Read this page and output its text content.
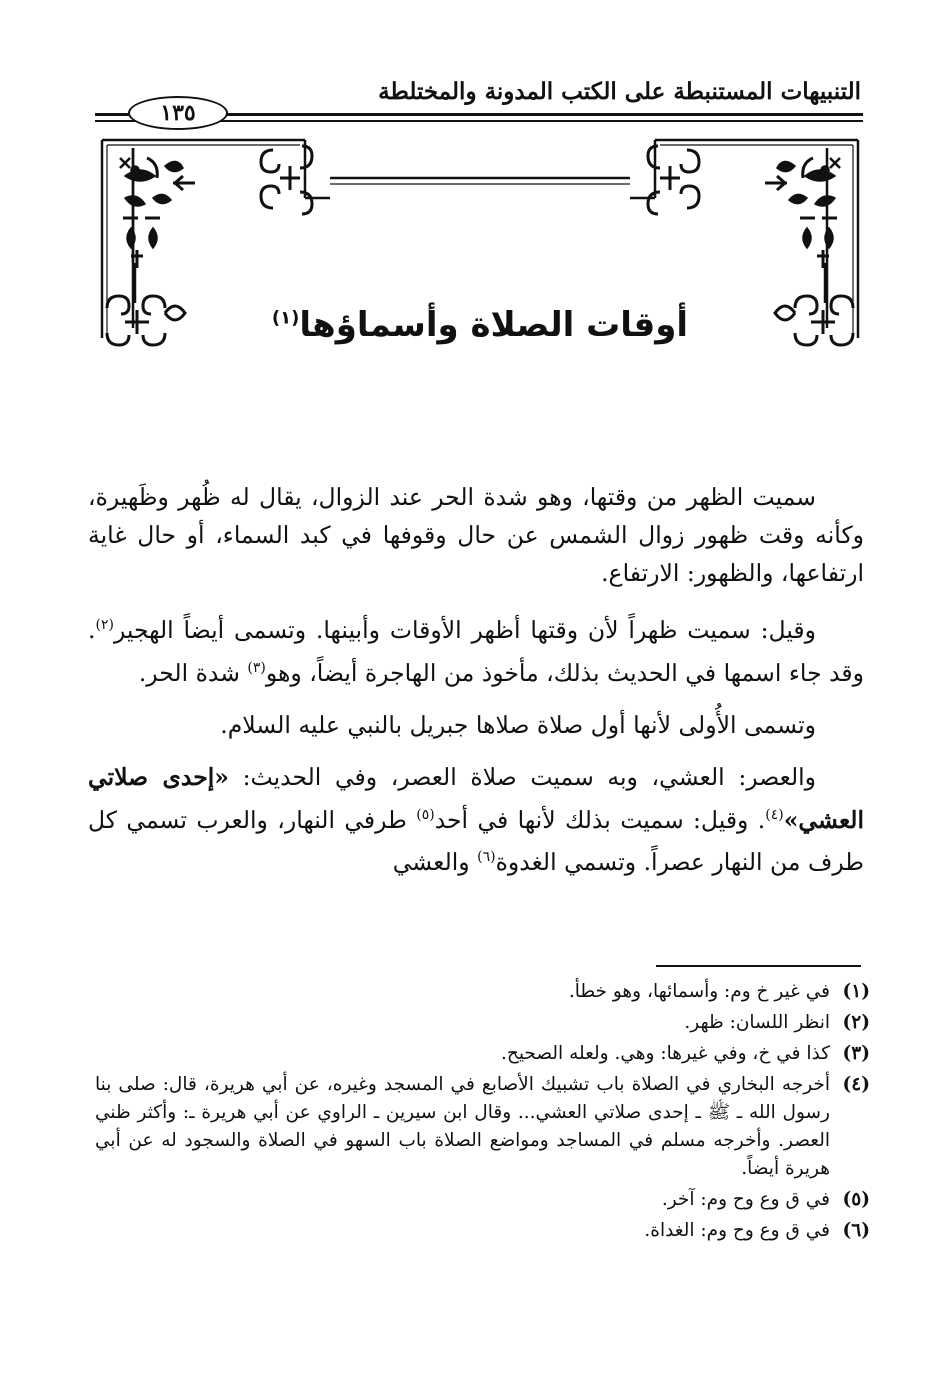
التنبيهات المستنبطة على الكتب المدونة والمختلطة
١٣٥
أوقات الصلاة وأسماؤها$^{(١)}$

سميت الظهر من وقتها، وهو شدة الحر عند الزوال، يقال له ظُهر وظَهيرة، وكأنه وقت ظهور زوال الشمس عن حال وقوفها في كبد السماء، أو حال غاية ارتفاعها، والظهور: الارتفاع.

وقيل: سميت ظهراً لأن وقتها أظهر الأوقات وأبينها. وتسمى أيضاً الهجير$^{(٢)}$. وقد جاء اسمها في الحديث بذلك، مأخوذ من الهاجرة أيضاً، وهو$^{(٣)}$ شدة الحر.

وتسمى الأُولى لأنها أول صلاة صلاها جبريل بالنبي عليه السلام.

والعصر: العشي، وبه سميت صلاة العصر، وفي الحديث: «إحدى صلاتي العشي»$^{(٤)}$. وقيل: سميت بذلك لأنها في أحد$^{(٥)}$ طرفي النهار، والعرب تسمي كل طرف من النهار عصراً. وتسمي الغدوة$^{(٦)}$ والعشي

(١)
في غير خ وم: وأسمائها، وهو خطأ.
(٢)
انظر اللسان: ظهر.
(٣)
كذا في خ، وفي غيرها: وهي. ولعله الصحيح.
(٤)
أخرجه البخاري في الصلاة باب تشبيك الأصابع في المسجد وغيره، عن أبي هريرة، قال: صلى بنا رسول الله ـ ﷺ ـ إحدى صلاتي العشي... وقال ابن سيرين ـ الراوي عن أبي هريرة ـ: وأكثر ظني العصر. وأخرجه مسلم في المساجد ومواضع الصلاة باب السهو في الصلاة والسجود له عن أبي هريرة أيضاً.
(٥)
في ق وع وح وم: آخر.
(٦)
في ق وع وح وم: الغداة.
